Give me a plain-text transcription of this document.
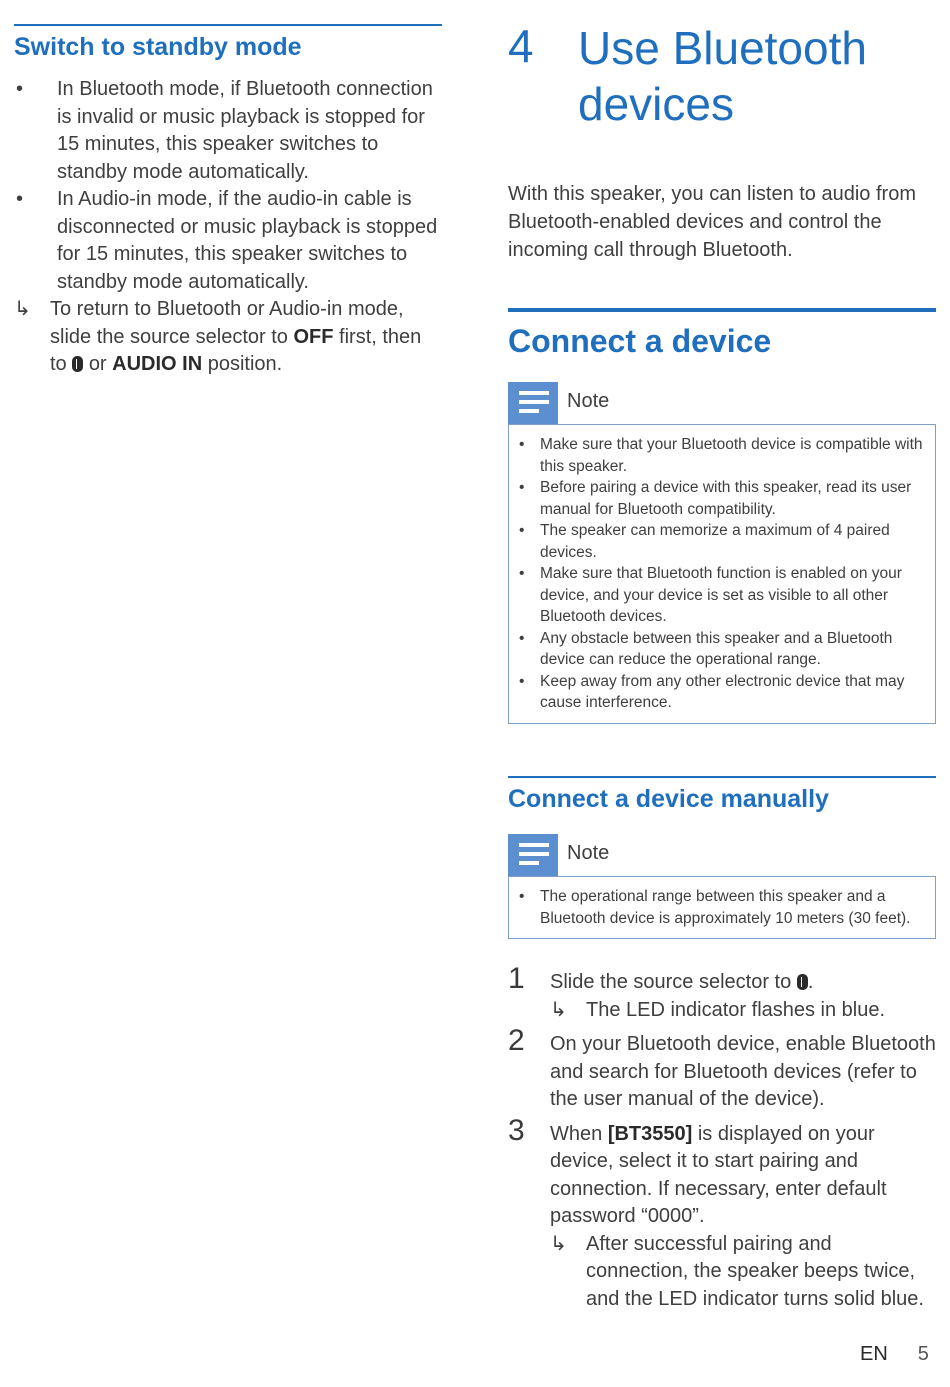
Switch to standby mode
• In Bluetooth mode, if Bluetooth connection is invalid or music playback is stopped for 15 minutes, this speaker switches to standby mode automatically.
• In Audio-in mode, if the audio-in cable is disconnected or music playback is stopped for 15 minutes, this speaker switches to standby mode automatically.
↳ To return to Bluetooth or Audio-in mode, slide the source selector to OFF first, then to or AUDIO IN position.
4 Use Bluetooth devices

With this speaker, you can listen to audio from Bluetooth-enabled devices and control the incoming call through Bluetooth.

Connect a device
Note
• Make sure that your Bluetooth device is compatible with this speaker.
• Before pairing a device with this speaker, read its user manual for Bluetooth compatibility.
• The speaker can memorize a maximum of 4 paired devices.
• Make sure that Bluetooth function is enabled on your device, and your device is set as visible to all other Bluetooth devices.
• Any obstacle between this speaker and a Bluetooth device can reduce the operational range.
• Keep away from any other electronic device that may cause interference.
Connect a device manually
Note
• The operational range between this speaker and a Bluetooth device is approximately 10 meters (30 feet).
1 Slide the source selector to .
↳ The LED indicator flashes in blue.
2 On your Bluetooth device, enable Bluetooth and search for Bluetooth devices (refer to the user manual of the device).
3 When [BT3550] is displayed on your device, select it to start pairing and connection. If necessary, enter default password “0000”.
↳ After successful pairing and connection, the speaker beeps twice, and the LED indicator turns solid blue.
EN 5
